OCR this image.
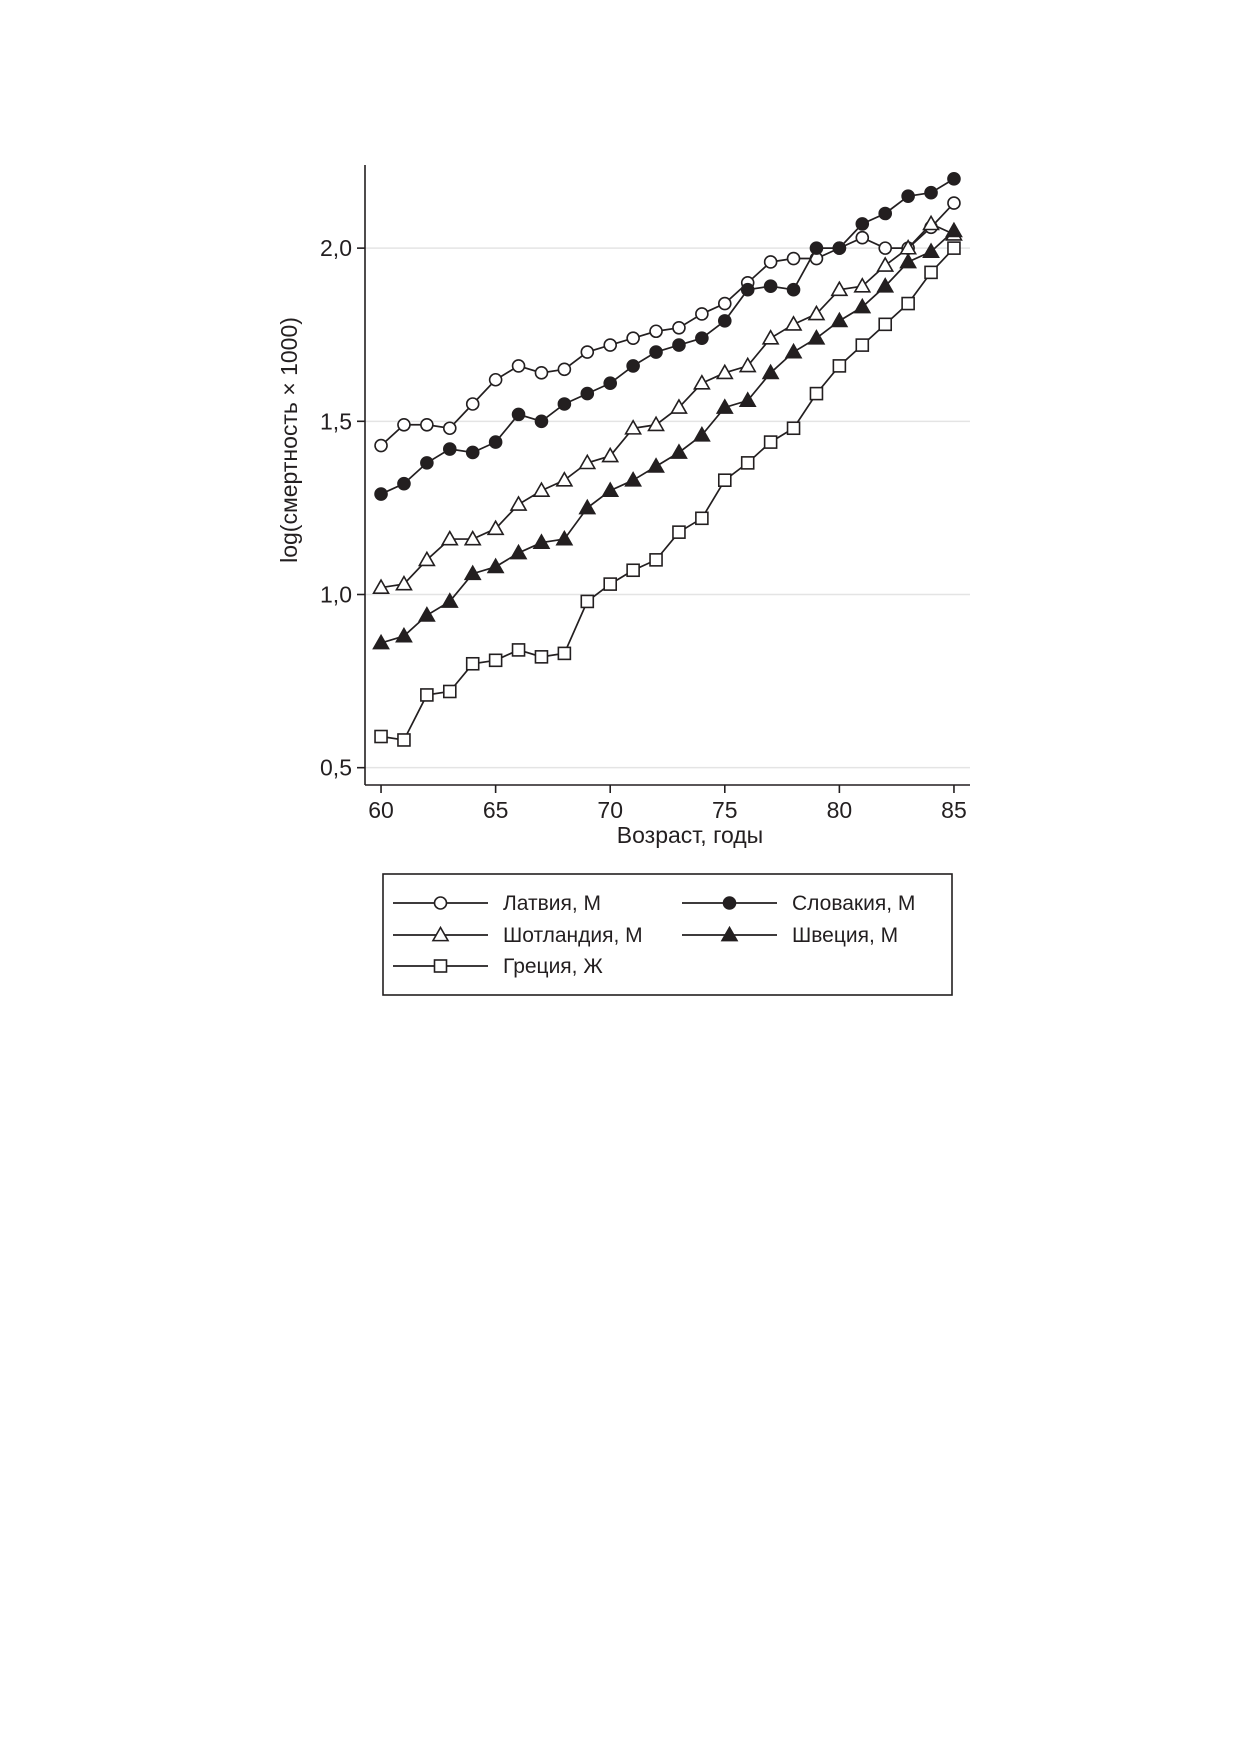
0,5
1,0
1,5
2,0
60	65	70	75	80	85
Возраст, годы
log(смертность × 1000)
Латвия, М	Словакия, М
Шотландия, М	Швеция, М
Греция, Ж
